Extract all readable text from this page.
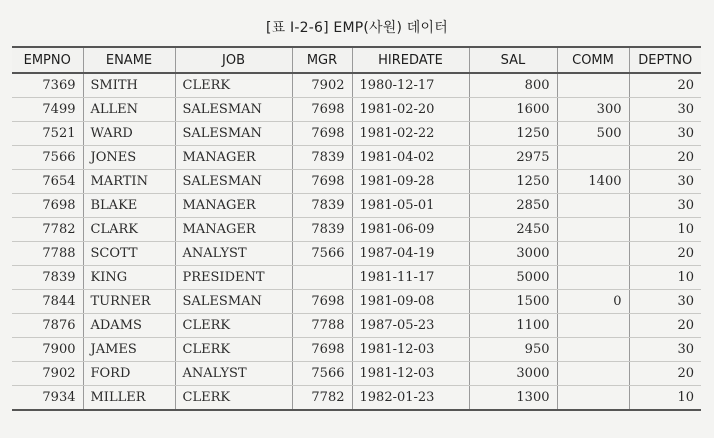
[표 Ⅰ-2-6] EMP(사원) 데이터
EMPNO	ENAME	JOB	MGR	HIREDATE	SAL	COMM	DEPTNO
7369	SMITH	CLERK	7902	1980-12-17	800		20
7499	ALLEN	SALESMAN	7698	1981-02-20	1600	300	30
7521	WARD	SALESMAN	7698	1981-02-22	1250	500	30
7566	JONES	MANAGER	7839	1981-04-02	2975		20
7654	MARTIN	SALESMAN	7698	1981-09-28	1250	1400	30
7698	BLAKE	MANAGER	7839	1981-05-01	2850		30
7782	CLARK	MANAGER	7839	1981-06-09	2450		10
7788	SCOTT	ANALYST	7566	1987-04-19	3000		20
7839	KING	PRESIDENT		1981-11-17	5000		10
7844	TURNER	SALESMAN	7698	1981-09-08	1500	0	30
7876	ADAMS	CLERK	7788	1987-05-23	1100		20
7900	JAMES	CLERK	7698	1981-12-03	950		30
7902	FORD	ANALYST	7566	1981-12-03	3000		20
7934	MILLER	CLERK	7782	1982-01-23	1300		10
